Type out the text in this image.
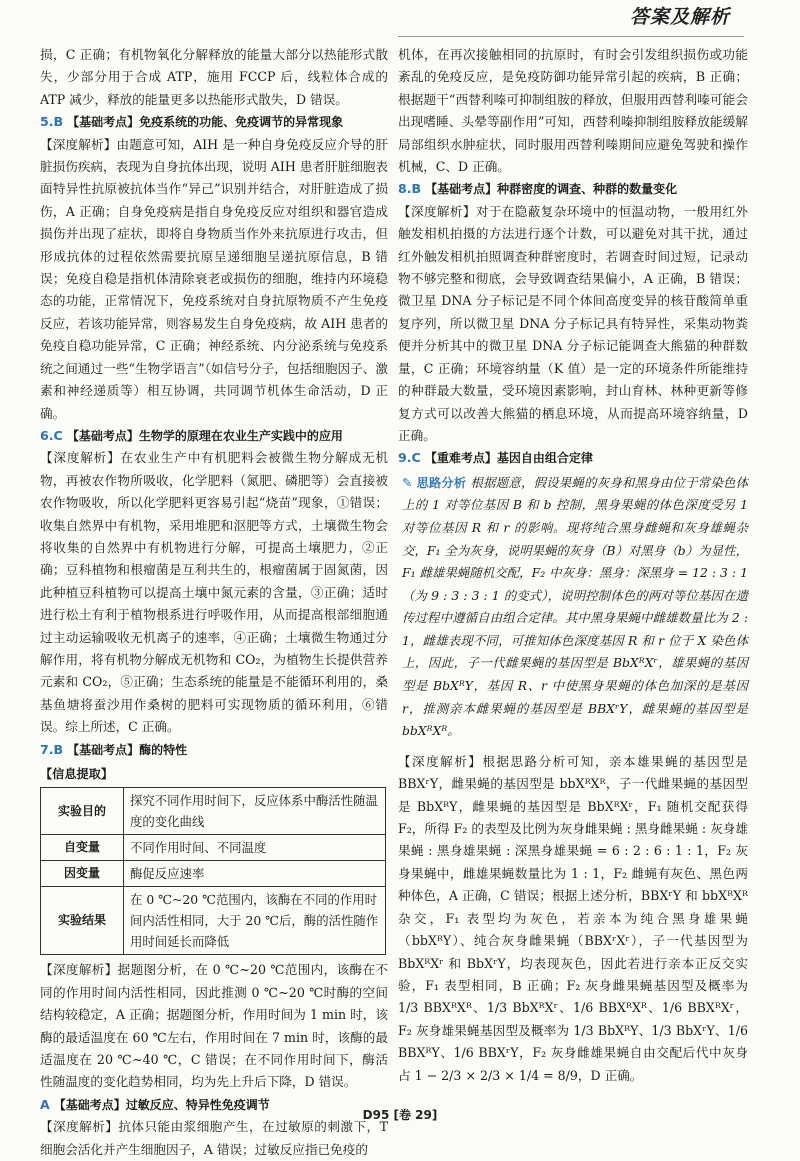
答案及解析

损，C 正确；有机物氧化分解释放的能量大部分以热能形式散失，少部分用于合成 ATP，施用 FCCP 后，线粒体合成的 ATP 减少，释放的能量更多以热能形式散失，D 错误。

5.B 【基础考点】免疫系统的功能、免疫调节的异常现象

【深度解析】由题意可知，AIH 是一种自身免疫反应介导的肝脏损伤疾病，表现为自身抗体出现，说明 AIH 患者肝脏细胞表面特异性抗原被抗体当作“异己”识别并结合，对肝脏造成了损伤，A 正确；自身免疫病是指自身免疫反应对组织和器官造成损伤并出现了症状，即将自身物质当作外来抗原进行攻击，但形成抗体的过程依然需要抗原呈递细胞呈递抗原信息，B 错误；免疫自稳是指机体清除衰老或损伤的细胞，维持内环境稳态的功能，正常情况下，免疫系统对自身抗原物质不产生免疫反应，若该功能异常，则容易发生自身免疫病，故 AIH 患者的免疫自稳功能异常，C 正确；神经系统、内分泌系统与免疫系统之间通过一些“生物学语言”（如信号分子，包括细胞因子、激素和神经递质等）相互协调，共同调节机体生命活动，D 正确。

6.C 【基础考点】生物学的原理在农业生产实践中的应用

【深度解析】在农业生产中有机肥料会被微生物分解成无机物，再被农作物所吸收，化学肥料（氮肥、磷肥等）会直接被农作物吸收，所以化学肥料更容易引起“烧苗”现象，①错误；收集自然界中有机物，采用堆肥和沤肥等方式，土壤微生物会将收集的自然界中有机物进行分解，可提高土壤肥力，②正确；豆科植物和根瘤菌是互利共生的，根瘤菌属于固氮菌，因此种植豆科植物可以提高土壤中氮元素的含量，③正确；适时进行松土有利于植物根系进行呼吸作用，从而提高根部细胞通过主动运输吸收无机离子的速率，④正确；土壤微生物通过分解作用，将有机物分解成无机物和 CO₂，为植物生长提供营养元素和 CO₂，⑤正确；生态系统的能量是不能循环利用的，桑基鱼塘将蚕沙用作桑树的肥料可实现物质的循环利用，⑥错误。综上所述，C 正确。

7.B 【基础考点】酶的特性

【信息提取】
实验目的	探究不同作用时间下，反应体系中酶活性随温度的变化曲线
自变量	不同作用时间、不同温度
因变量	酶促反应速率
实验结果	在 0 ℃~20 ℃范围内，该酶在不同的作用时间内活性相同，大于 20 ℃后，酶的活性随作用时间延长而降低

【深度解析】据题图分析，在 0 ℃~20 ℃范围内，该酶在不同的作用时间内活性相同，因此推测 0 ℃~20 ℃时酶的空间结构较稳定，A 正确；据题图分析，作用时间为 1 min 时，该酶的最适温度在 60 ℃左右，作用时间在 7 min 时，该酶的最适温度在 20 ℃~40 ℃，C 错误；在不同作用时间下，酶活性随温度的变化趋势相同，均为先上升后下降，D 错误。

A 【基础考点】过敏反应、特异性免疫调节

【深度解析】抗体只能由浆细胞产生，在过敏原的刺激下，T 细胞会活化并产生细胞因子，A 错误；过敏反应指已免疫的

机体，在再次接触相同的抗原时，有时会引发组织损伤或功能紊乱的免疫反应，是免疫防御功能异常引起的疾病，B 正确；根据题干“西替利嗪可抑制组胺的释放，但服用西替利嗪可能会出现嗜睡、头晕等副作用”可知，西替利嗪抑制组胺释放能缓解局部组织水肿症状，同时服用西替利嗪期间应避免驾驶和操作机械，C、D 正确。

8.B 【基础考点】种群密度的调查、种群的数量变化

【深度解析】对于在隐蔽复杂环境中的恒温动物，一般用红外触发相机拍摄的方法进行逐个计数，可以避免对其干扰，通过红外触发相机拍照调查种群密度时，若调查时间过短，记录动物不够完整和彻底，会导致调查结果偏小，A 正确，B 错误；微卫星 DNA 分子标记是不同个体间高度变异的核苷酸简单重复序列，所以微卫星 DNA 分子标记具有特异性，采集动物粪便并分析其中的微卫星 DNA 分子标记能调查大熊猫的种群数量，C 正确；环境容纳量（K 值）是一定的环境条件所能维持的种群最大数量，受环境因素影响，封山育林、林种更新等修复方式可以改善大熊猫的栖息环境，从而提高环境容纳量，D 正确。

9.C 【重难考点】基因自由组合定律

✎ 思路分析 根据题意，假设果蝇的灰身和黑身由位于常染色体上的 1 对等位基因 B 和 b 控制，黑身果蝇的体色深度受另 1 对等位基因 R 和 r 的影响。现将纯合黑身雌蝇和灰身雄蝇杂交，F₁ 全为灰身，说明果蝇的灰身（B）对黑身（b）为显性，F₁ 雌雄果蝇随机交配，F₂ 中灰身：黑身：深黑身 = 12 : 3 : 1（为 9 : 3 : 3 : 1 的变式），说明控制体色的两对等位基因在遗传过程中遵循自由组合定律。其中黑身果蝇中雌雄数量比为 2 : 1，雌雄表现不同，可推知体色深度基因 R 和 r 位于 X 染色体上，因此，子一代雌果蝇的基因型是 BbXᴿXʳ，雄果蝇的基因型是 BbXᴿY，基因 R、r 中使黑身果蝇的体色加深的是基因 r，推测亲本雌果蝇的基因型是 BBXʳY，雌果蝇的基因型是 bbXᴿXᴿ。

【深度解析】根据思路分析可知，亲本雄果蝇的基因型是 BBXʳY，雌果蝇的基因型是 bbXᴿXᴿ，子一代雌果蝇的基因型是 BbXᴿY，雌果蝇的基因型是 BbXᴿXʳ，F₁ 随机交配获得 F₂，所得 F₂ 的表型及比例为灰身雌果蝇 : 黑身雌果蝇 : 灰身雄果蝇 : 黑身雄果蝇 : 深黑身雄果蝇 = 6 : 2 : 6 : 1 : 1，F₂ 灰身果蝇中，雌雄果蝇数量比为 1 : 1，F₂ 雌蝇有灰色、黑色两种体色，A 正确，C 错误；根据上述分析，BBXʳY 和 bbXᴿXᴿ 杂交，F₁ 表型均为灰色，若亲本为纯合黑身雄果蝇（bbXᴿY）、纯合灰身雌果蝇（BBXʳXʳ），子一代基因型为 BbXᴿXʳ 和 BbXʳY，均表现灰色，因此若进行亲本正反交实验，F₁ 表型相同，B 正确；F₂ 灰身雌果蝇基因型及概率为 1/3 BBXᴿXᴿ、1/3 BbXᴿXʳ、1/6 BBXᴿXᴿ、1/6 BBXᴿXʳ，F₂ 灰身雄果蝇基因型及概率为 1/3 BbXᴿY、1/3 BbXʳY、1/6 BBXᴿY、1/6 BBXʳY，F₂ 灰身雌雄果蝇自由交配后代中灰身占 1 − 2/3 × 2/3 × 1/4 = 8/9，D 正确。

D95 [卷 29]
